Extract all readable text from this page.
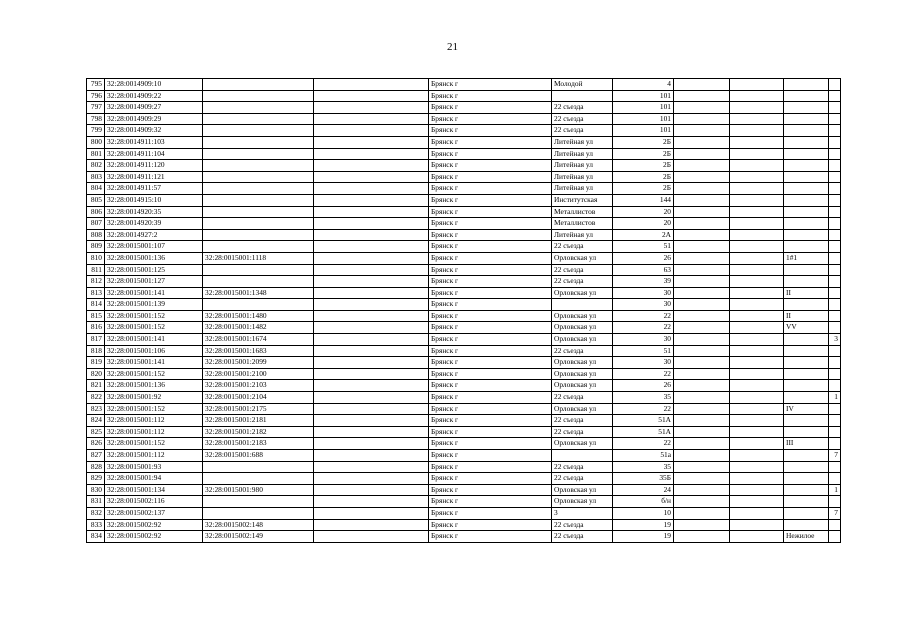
21
795	32:28:0014909:10			Брянск г	Молодой	4				
796	32:28:0014909:22			Брянск г		101				
797	32:28:0014909:27			Брянск г	22 съезда	101				
798	32:28:0014909:29			Брянск г	22 съезда	101				
799	32:28:0014909:32			Брянск г	22 съезда	101				
800	32:28:0014911:103			Брянск г	Литейная ул	2Б				
801	32:28:0014911:104			Брянск г	Литейная ул	2Б				
802	32:28:0014911:120			Брянск г	Литейная ул	2Б				
803	32:28:0014911:121			Брянск г	Литейная ул	2Б				
804	32:28:0014911:57			Брянск г	Литейная ул	2Б				
805	32:28:0014915:10			Брянск г	Институтская	144				
806	32:28:0014920:35			Брянск г	Металлистов	20				
807	32:28:0014920:39			Брянск г	Металлистов	20				
808	32:28:0014927:2			Брянск г	Литейная ул	2А				
809	32:28:0015001:107			Брянск г	22 съезда	51				
810	32:28:0015001:136	32:28:0015001:1118		Брянск г	Орловская ул	26			1#1	
811	32:28:0015001:125			Брянск г	22 съезда	63				
812	32:28:0015001:127			Брянск г	22 съезда	39				
813	32:28:0015001:141	32:28:0015001:1348		Брянск г	Орловская ул	30			II	
814	32:28:0015001:139			Брянск г		30				
815	32:28:0015001:152	32:28:0015001:1480		Брянск г	Орловская ул	22			II	
816	32:28:0015001:152	32:28:0015001:1482		Брянск г	Орловская ул	22			VV	
817	32:28:0015001:141	32:28:0015001:1674		Брянск г	Орловская ул	30				3
818	32:28:0015001:106	32:28:0015001:1683		Брянск г	22 съезда	51				
819	32:28:0015001:141	32:28:0015001:2099		Брянск г	Орловская ул	30				
820	32:28:0015001:152	32:28:0015001:2100		Брянск г	Орловская ул	22				
821	32:28:0015001:136	32:28:0015001:2103		Брянск г	Орловская ул	26				
822	32:28:0015001:92	32:28:0015001:2104		Брянск г	22 съезда	35				1
823	32:28:0015001:152	32:28:0015001:2175		Брянск г	Орловская ул	22			IV	
824	32:28:0015001:112	32:28:0015001:2181		Брянск г	22 съезда	51А				
825	32:28:0015001:112	32:28:0015001:2182		Брянск г	22 съезда	51А				
826	32:28:0015001:152	32:28:0015001:2183		Брянск г	Орловская ул	22			III	
827	32:28:0015001:112	32:28:0015001:688		Брянск г		51а				7
828	32:28:0015001:93			Брянск г	22 съезда	35				
829	32:28:0015001:94			Брянск г	22 съезда	35Б				
830	32:28:0015001:134	32:28:0015001:980		Брянск г	Орловская ул	24				1
831	32:28:0015002:116			Брянск г	Орловская ул	б/н				
832	32:28:0015002:137			Брянск г	3	10				7
833	32:28:0015002:92	32:28:0015002:148		Брянск г	22 съезда	19				
834	32:28:0015002:92	32:28:0015002:149		Брянск г	22 съезда	19			Нежилое	
